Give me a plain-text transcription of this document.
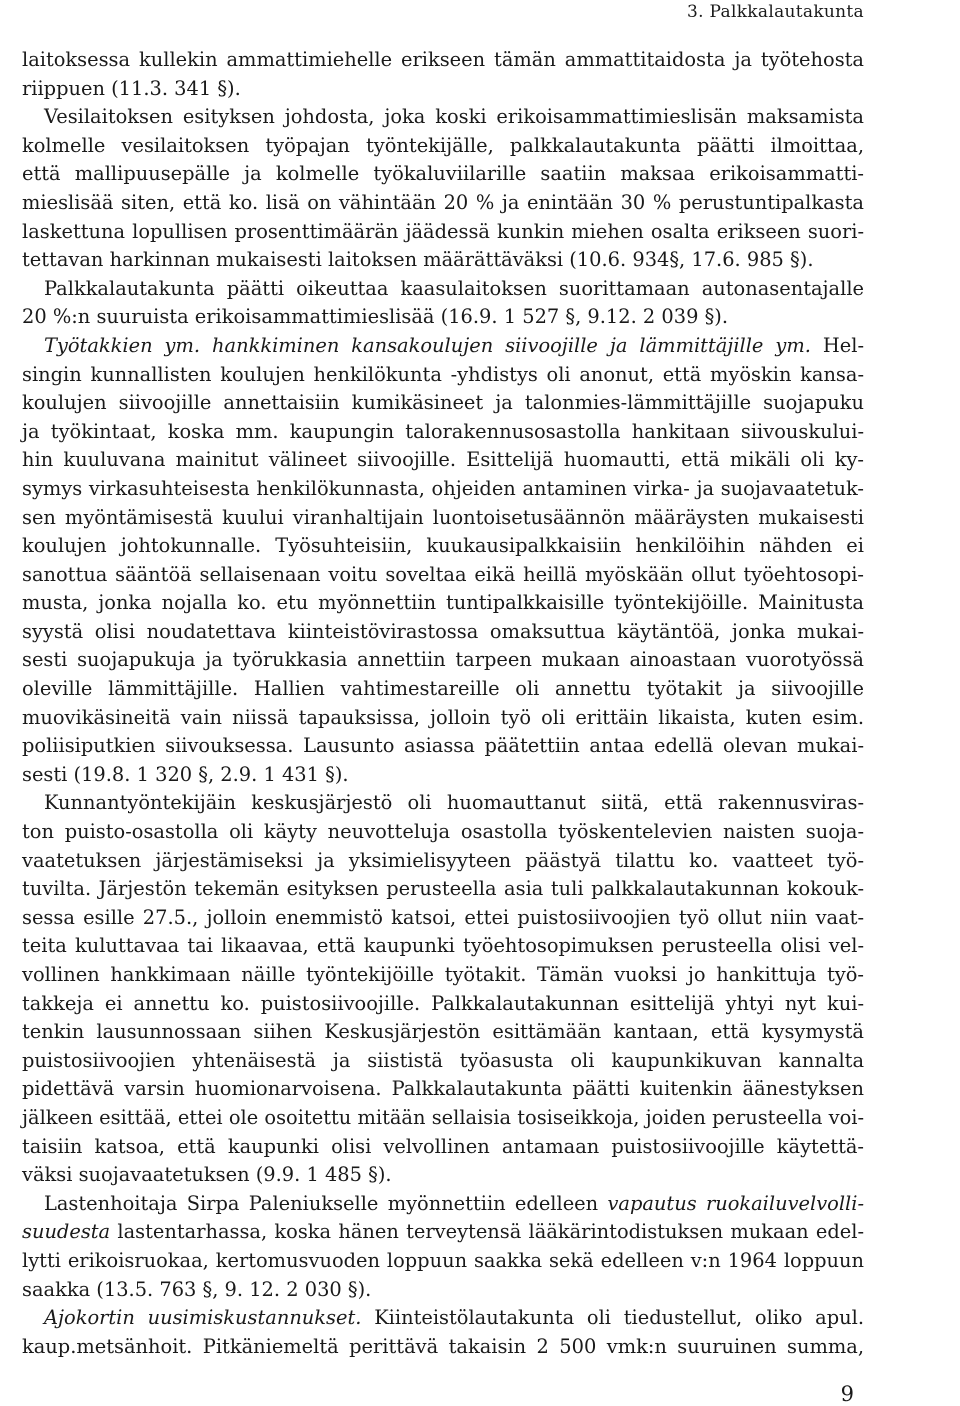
3. Palkkalautakunta
laitoksessa kullekin ammattimiehelle erikseen tämän ammattitaidosta ja työtehosta
riippuen (11.3. 341 §).
Vesilaitoksen esityksen johdosta, joka koski erikoisammattimieslisän maksamista
kolmelle vesilaitoksen työpajan työntekijälle, palkkalautakunta päätti ilmoittaa,
että mallipuusepälle ja kolmelle työkaluviilarille saatiin maksaa erikoisammatti-
mieslisää siten, että ko. lisä on vähintään 20 % ja enintään 30 % perustuntipalkasta
laskettuna lopullisen prosenttimäärän jäädessä kunkin miehen osalta erikseen suori-
tettavan harkinnan mukaisesti laitoksen määrättäväksi (10.6. 934§, 17.6. 985 §).
Palkkalautakunta päätti oikeuttaa kaasulaitoksen suorittamaan autonasentajalle
20 %:n suuruista erikoisammattimieslisää (16.9. 1 527 §, 9.12. 2 039 §).
Työtakkien ym. hankkiminen kansakoulujen siivoojille ja lämmittäjille ym. Hel-
singin kunnallisten koulujen henkilökunta -yhdistys oli anonut, että myöskin kansa-
koulujen siivoojille annettaisiin kumikäsineet ja talonmies-lämmittäjille suojapuku
ja työkintaat, koska mm. kaupungin talorakennusosastolla hankitaan siivouskului-
hin kuuluvana mainitut välineet siivoojille. Esittelijä huomautti, että mikäli oli ky-
symys virkasuhteisesta henkilökunnasta, ohjeiden antaminen virka- ja suojavaatetuk-
sen myöntämisestä kuului viranhaltijain luontoisetusäännön määräysten mukaisesti
koulujen johtokunnalle. Työsuhteisiin, kuukausipalkkaisiin henkilöihin nähden ei
sanottua sääntöä sellaisenaan voitu soveltaa eikä heillä myöskään ollut työehtosopi-
musta, jonka nojalla ko. etu myönnettiin tuntipalkkaisille työntekijöille. Mainitusta
syystä olisi noudatettava kiinteistövirastossa omaksuttua käytäntöä, jonka mukai-
sesti suojapukuja ja työrukkasia annettiin tarpeen mukaan ainoastaan vuorotyössä
oleville lämmittäjille. Hallien vahtimestareille oli annettu työtakit ja siivoojille
muovikäsineitä vain niissä tapauksissa, jolloin työ oli erittäin likaista, kuten esim.
poliisiputkien siivouksessa. Lausunto asiassa päätettiin antaa edellä olevan mukai-
sesti (19.8. 1 320 §, 2.9. 1 431 §).
Kunnantyöntekijäin keskusjärjestö oli huomauttanut siitä, että rakennusviras-
ton puisto-osastolla oli käyty neuvotteluja osastolla työskentelevien naisten suoja-
vaatetuksen järjestämiseksi ja yksimielisyyteen päästyä tilattu ko. vaatteet työ-
tuvilta. Järjestön tekemän esityksen perusteella asia tuli palkkalautakunnan kokouk-
sessa esille 27.5., jolloin enemmistö katsoi, ettei puistosiivoojien työ ollut niin vaat-
teita kuluttavaa tai likaavaa, että kaupunki työehtosopimuksen perusteella olisi vel-
vollinen hankkimaan näille työntekijöille työtakit. Tämän vuoksi jo hankittuja työ-
takkeja ei annettu ko. puistosiivoojille. Palkkalautakunnan esittelijä yhtyi nyt kui-
tenkin lausunnossaan siihen Keskusjärjestön esittämään kantaan, että kysymystä
puistosiivoojien yhtenäisestä ja siististä työasusta oli kaupunkikuvan kannalta
pidettävä varsin huomionarvoisena. Palkkalautakunta päätti kuitenkin äänestyksen
jälkeen esittää, ettei ole osoitettu mitään sellaisia tosiseikkoja, joiden perusteella voi-
taisiin katsoa, että kaupunki olisi velvollinen antamaan puistosiivoojille käytettä-
väksi suojavaatetuksen (9.9. 1 485 §).
Lastenhoitaja Sirpa Paleniukselle myönnettiin edelleen vapautus ruokailuvelvolli-
suudesta lastentarhassa, koska hänen terveytensä lääkärintodistuksen mukaan edel-
lytti erikoisruokaa, kertomusvuoden loppuun saakka sekä edelleen v:n 1964 loppuun
saakka (13.5. 763 §, 9. 12. 2 030 §).
Ajokortin uusimiskustannukset. Kiinteistölautakunta oli tiedustellut, oliko apul.
kaup.metsänhoit. Pitkäniemeltä perittävä takaisin 2 500 vmk:n suuruinen summa,
9
